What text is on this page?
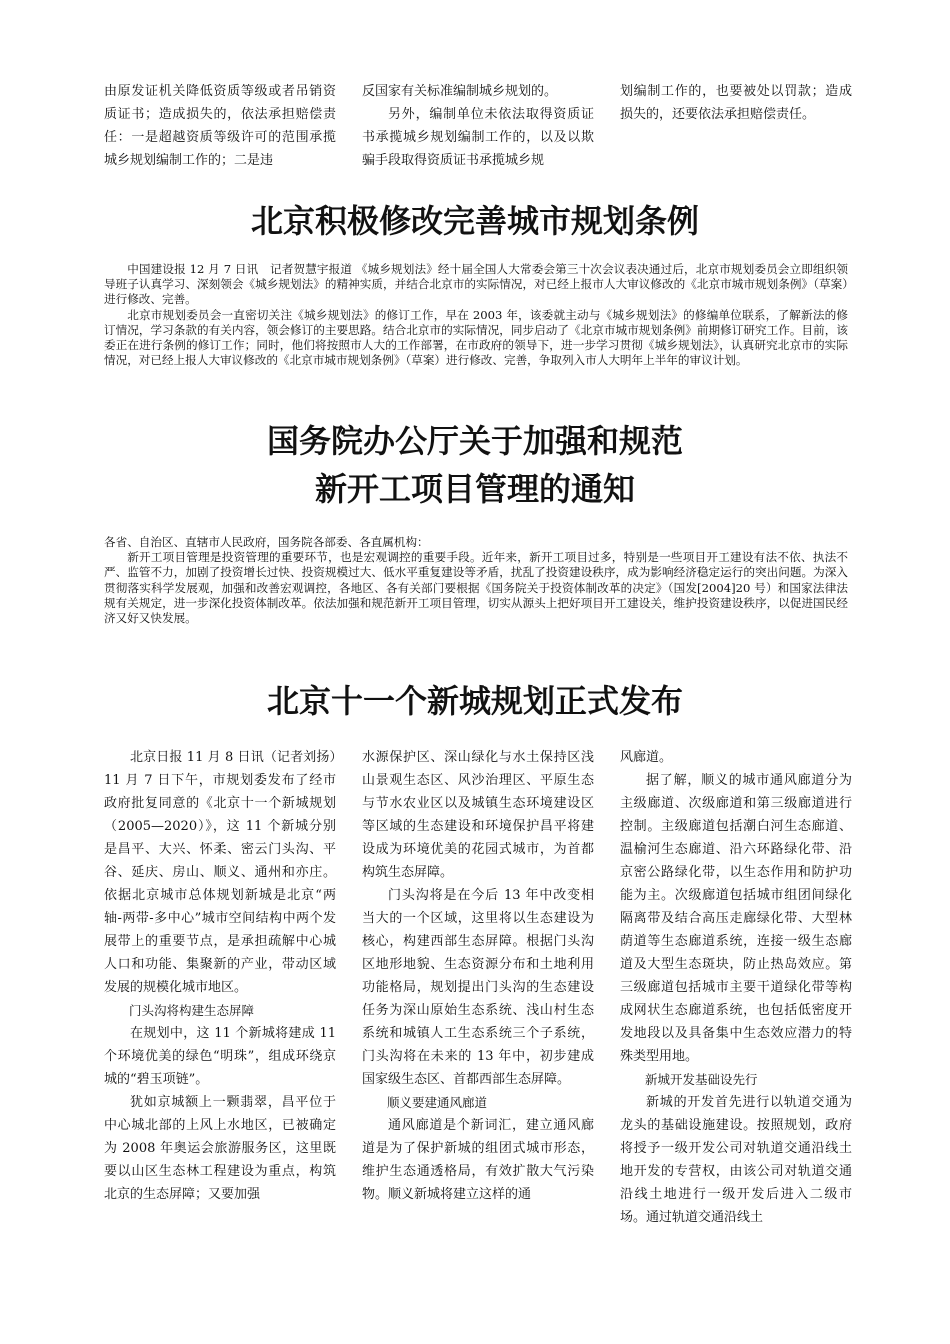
由原发证机关降低资质等级或者吊销资质证书；造成损失的，依法承担赔偿责任：一是超越资质等级许可的范围承揽城乡规划编制工作的；二是违

反国家有关标准编制城乡规划的。

另外，编制单位未依法取得资质证书承揽城乡规划编制工作的，以及以欺骗手段取得资质证书承揽城乡规

划编制工作的，也要被处以罚款；造成损失的，还要依法承担赔偿责任。

北京积极修改完善城市规划条例

中国建设报 12 月 7 日讯　记者贺慧宇报道 《城乡规划法》经十届全国人大常委会第三十次会议表决通过后，北京市规划委员会立即组织领导班子认真学习、深刻领会《城乡规划法》的精神实质，并结合北京市的实际情况，对已经上报市人大审议修改的《北京市城市规划条例》（草案）进行修改、完善。

北京市规划委员会一直密切关注《城乡规划法》的修订工作，早在 2003 年，该委就主动与《城乡规划法》的修编单位联系，了解新法的修订情况，学习条款的有关内容，领会修订的主要思路。结合北京市的实际情况，同步启动了《北京市城市规划条例》前期修订研究工作。目前，该委正在进行条例的修订工作；同时，他们将按照市人大的工作部署，在市政府的领导下，进一步学习贯彻《城乡规划法》，认真研究北京市的实际情况，对已经上报人大审议修改的《北京市城市规划条例》（草案）进行修改、完善，争取列入市人大明年上半年的审议计划。

国务院办公厅关于加强和规范
新开工项目管理的通知

各省、自治区、直辖市人民政府，国务院各部委、各直属机构：

新开工项目管理是投资管理的重要环节，也是宏观调控的重要手段。近年来，新开工项目过多，特别是一些项目开工建设有法不依、执法不严、监管不力，加剧了投资增长过快、投资规模过大、低水平重复建设等矛盾，扰乱了投资建设秩序，成为影响经济稳定运行的突出问题。为深入贯彻落实科学发展观，加强和改善宏观调控，各地区、各有关部门要根据《国务院关于投资体制改革的决定》（国发[2004]20 号）和国家法律法规有关规定，进一步深化投资体制改革。依法加强和规范新开工项目管理，切实从源头上把好项目开工建设关，维护投资建设秩序，以促进国民经济又好又快发展。

北京十一个新城规划正式发布

北京日报 11 月 8 日讯（记者刘扬）11 月 7 日下午，市规划委发布了经市政府批复同意的《北京十一个新城规划（2005—2020）》，这 11 个新城分别是昌平、大兴、怀柔、密云门头沟、平谷、延庆、房山、顺义、通州和亦庄。依据北京城市总体规划新城是北京“两轴-两带-多中心”城市空间结构中两个发展带上的重要节点，是承担疏解中心城人口和功能、集聚新的产业，带动区域发展的规模化城市地区。

门头沟将构建生态屏障

在规划中，这 11 个新城将建成 11 个环境优美的绿色“明珠”，组成环绕京城的“碧玉项链”。

犹如京城额上一颗翡翠，昌平位于中心城北部的上风上水地区，已被确定为 2008 年奥运会旅游服务区，这里既要以山区生态林工程建设为重点，构筑北京的生态屏障；又要加强

水源保护区、深山绿化与水土保持区浅山景观生态区、风沙治理区、平原生态与节水农业区以及城镇生态环境建设区等区域的生态建设和环境保护昌平将建设成为环境优美的花园式城市，为首都构筑生态屏障。

门头沟将是在今后 13 年中改变相当大的一个区域，这里将以生态建设为核心，构建西部生态屏障。根据门头沟区地形地貌、生态资源分布和土地利用功能格局，规划提出门头沟的生态建设任务为深山原始生态系统、浅山村生态系统和城镇人工生态系统三个子系统，门头沟将在未来的 13 年中，初步建成国家级生态区、首都西部生态屏障。

顺义要建通风廊道

通风廊道是个新词汇，建立通风廊道是为了保护新城的组团式城市形态，维护生态通透格局，有效扩散大气污染物。顺义新城将建立这样的通

风廊道。

据了解，顺义的城市通风廊道分为主级廊道、次级廊道和第三级廊道进行控制。主级廊道包括潮白河生态廊道、温榆河生态廊道、沿六环路绿化带、沿京密公路绿化带，以生态作用和防护功能为主。次级廊道包括城市组团间绿化隔离带及结合高压走廊绿化带、大型林荫道等生态廊道系统，连接一级生态廊道及大型生态斑块，防止热岛效应。第三级廊道包括城市主要干道绿化带等构成网状生态廊道系统，也包括低密度开发地段以及具备集中生态效应潜力的特殊类型用地。

新城开发基础设先行

新城的开发首先进行以轨道交通为龙头的基础设施建设。按照规划，政府将授予一级开发公司对轨道交通沿线土地开发的专营权，由该公司对轨道交通沿线土地进行一级开发后进入二级市场。通过轨道交通沿线土
